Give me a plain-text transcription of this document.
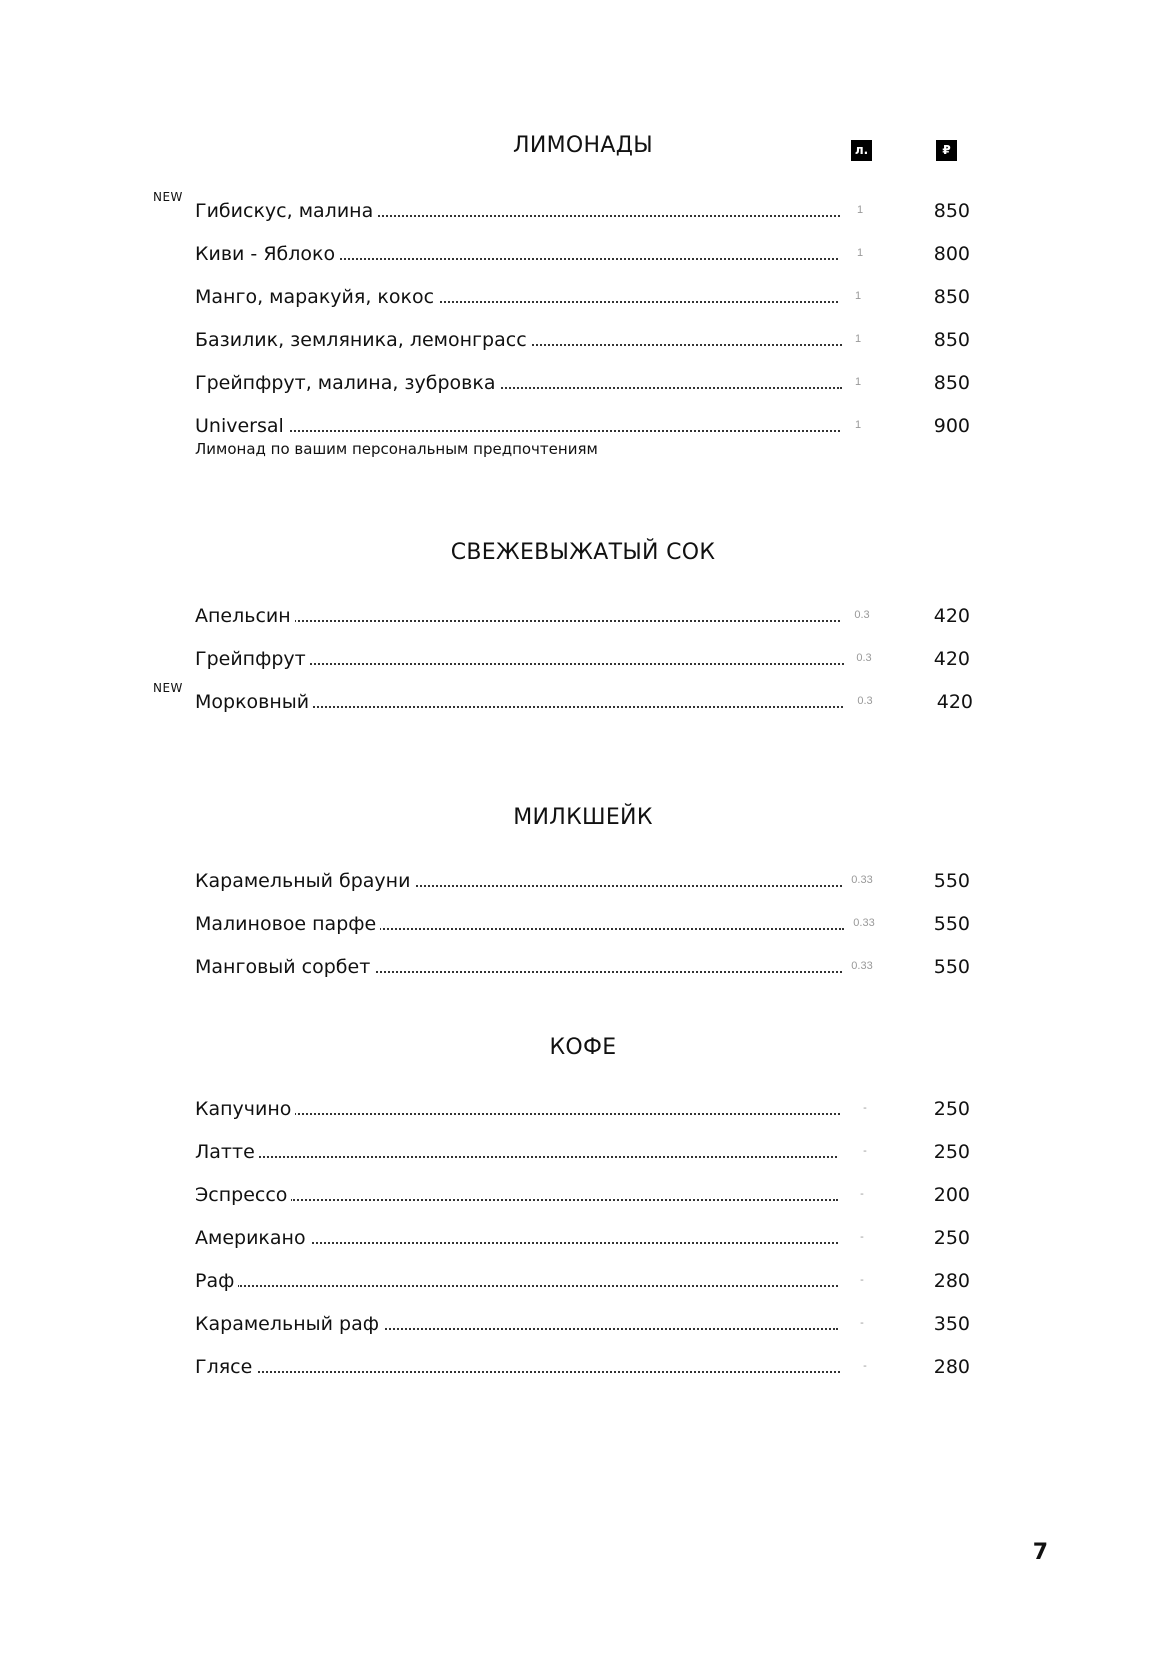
ЛИМОНАДЫ	л.	₽
NEW
Гибискус, малина	1	850
Киви - Яблоко	1	800
Манго, маракуйя, кокос	1	850
Базилик, земляника, лемонграсс	1	850
Грейпфрут, малина, зубровка	1	850
Universal	1	900
Лимонад по вашим персональным предпочтениям
СВЕЖЕВЫЖАТЫЙ СОК
Апельсин	0.3	420
Грейпфрут	0.3	420
NEW
Морковный	0.3	420
МИЛКШЕЙК
Карамельный брауни	0.33	550
Малиновое парфе	0.33	550
Манговый сорбет	0.33	550
КОФЕ
Капучино	-	250
Латте	-	250
Эспрессо	-	200
Американо	-	250
Раф	-	280
Карамельный раф	-	350
Глясе	-	280
7
